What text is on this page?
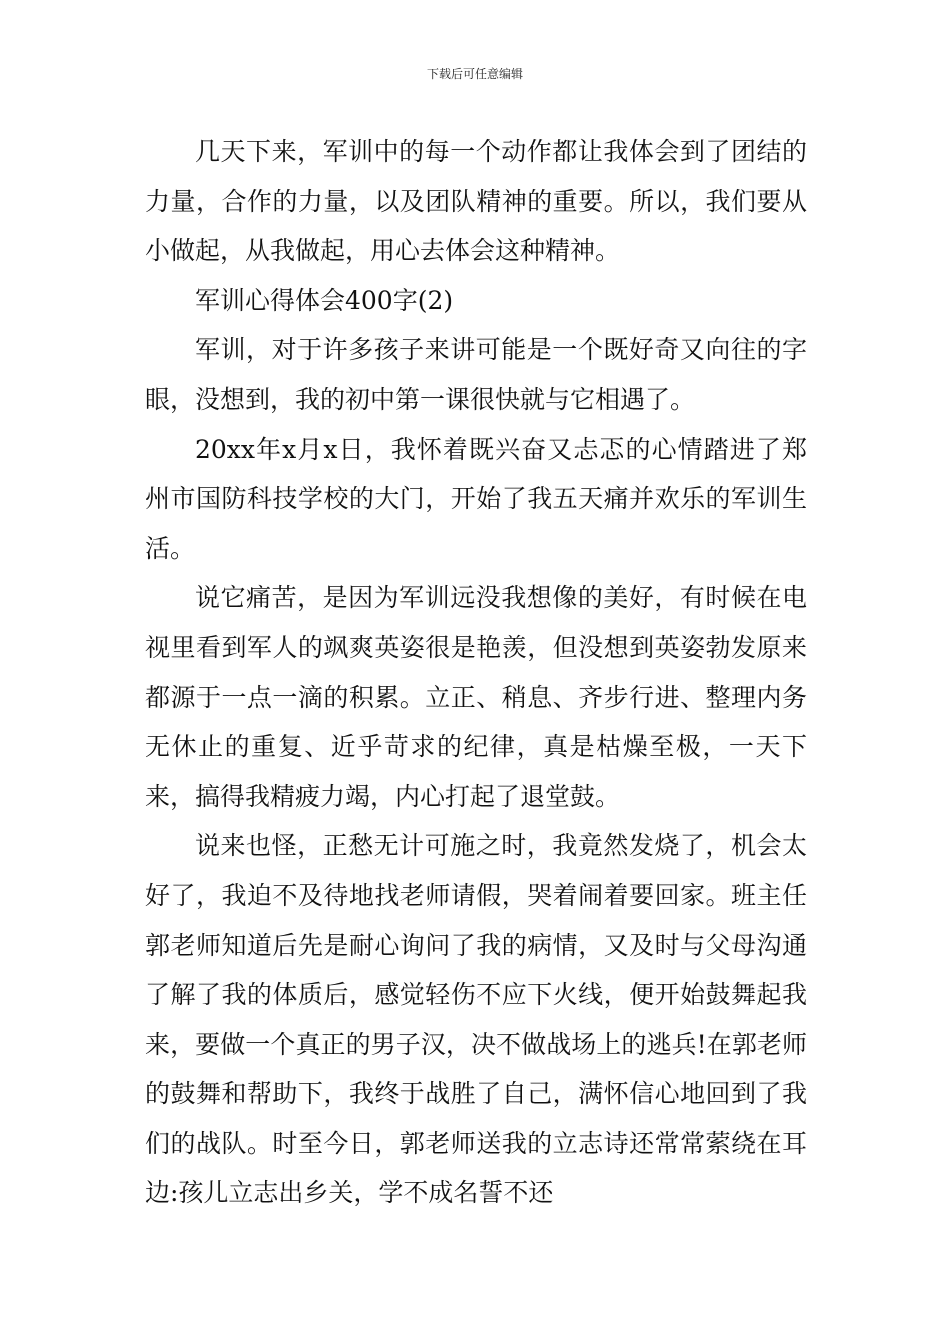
下载后可任意编辑

几天下来，军训中的每一个动作都让我体会到了团结的力量，合作的力量，以及团队精神的重要。所以，我们要从小做起，从我做起，用心去体会这种精神。

军训心得体会400字(2)

军训，对于许多孩子来讲可能是一个既好奇又向往的字眼，没想到，我的初中第一课很快就与它相遇了。

20xx年x月x日，我怀着既兴奋又忐忑的心情踏进了郑州市国防科技学校的大门，开始了我五天痛并欢乐的军训生活。

说它痛苦，是因为军训远没我想像的美好，有时候在电视里看到军人的飒爽英姿很是艳羡，但没想到英姿勃发原来都源于一点一滴的积累。立正、稍息、齐步行进、整理内务无休止的重复、近乎苛求的纪律，真是枯燥至极，一天下来，搞得我精疲力竭，内心打起了退堂鼓。

说来也怪，正愁无计可施之时，我竟然发烧了，机会太好了，我迫不及待地找老师请假，哭着闹着要回家。班主任郭老师知道后先是耐心询问了我的病情，又及时与父母沟通了解了我的体质后，感觉轻伤不应下火线，便开始鼓舞起我来，要做一个真正的男子汉，决不做战场上的逃兵!在郭老师的鼓舞和帮助下，我终于战胜了自己，满怀信心地回到了我们的战队。时至今日，郭老师送我的立志诗还常常萦绕在耳边:孩儿立志出乡关，学不成名誓不还
